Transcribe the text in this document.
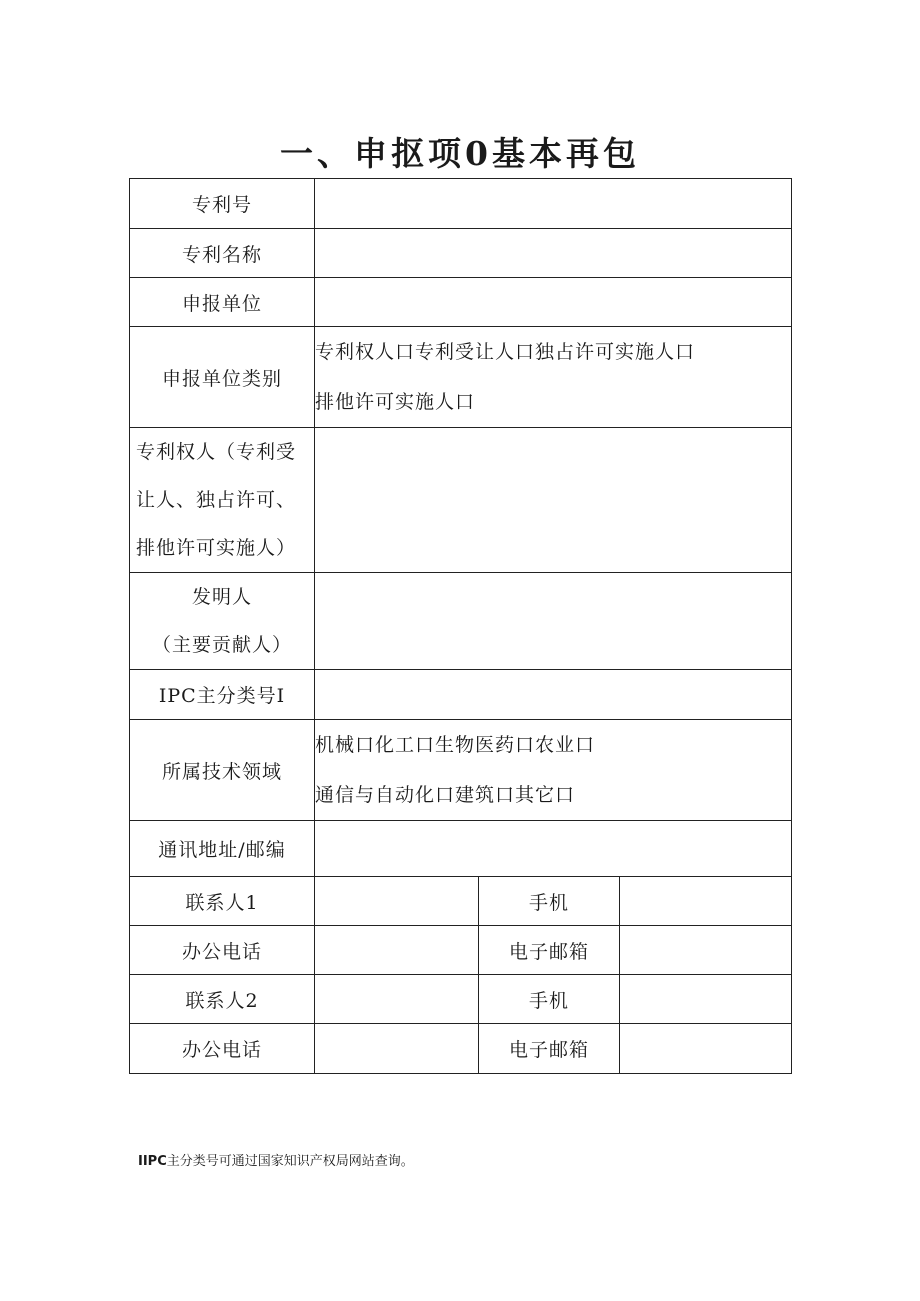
一、申抠项0基本再包
专利号			
专利名称			
申报单位			
申报单位类别	专利权人口专利受让人口独占许可实施人口
排他许可实施人口		

专利权人（专利受
让人、独占许可、
排他许可实施人）			

发明人
（主要贡献人）			

IPC主分类号I			
所属技术领域	机械口化工口生物医药口农业口
通信与自动化口建筑口其它口		

通讯地址/邮编			
联系人1		手机	
办公电话		电子邮箱	
联系人2		手机	
办公电话		电子邮箱	
IIPC主分类号可通过国家知识产权局网站查询。
